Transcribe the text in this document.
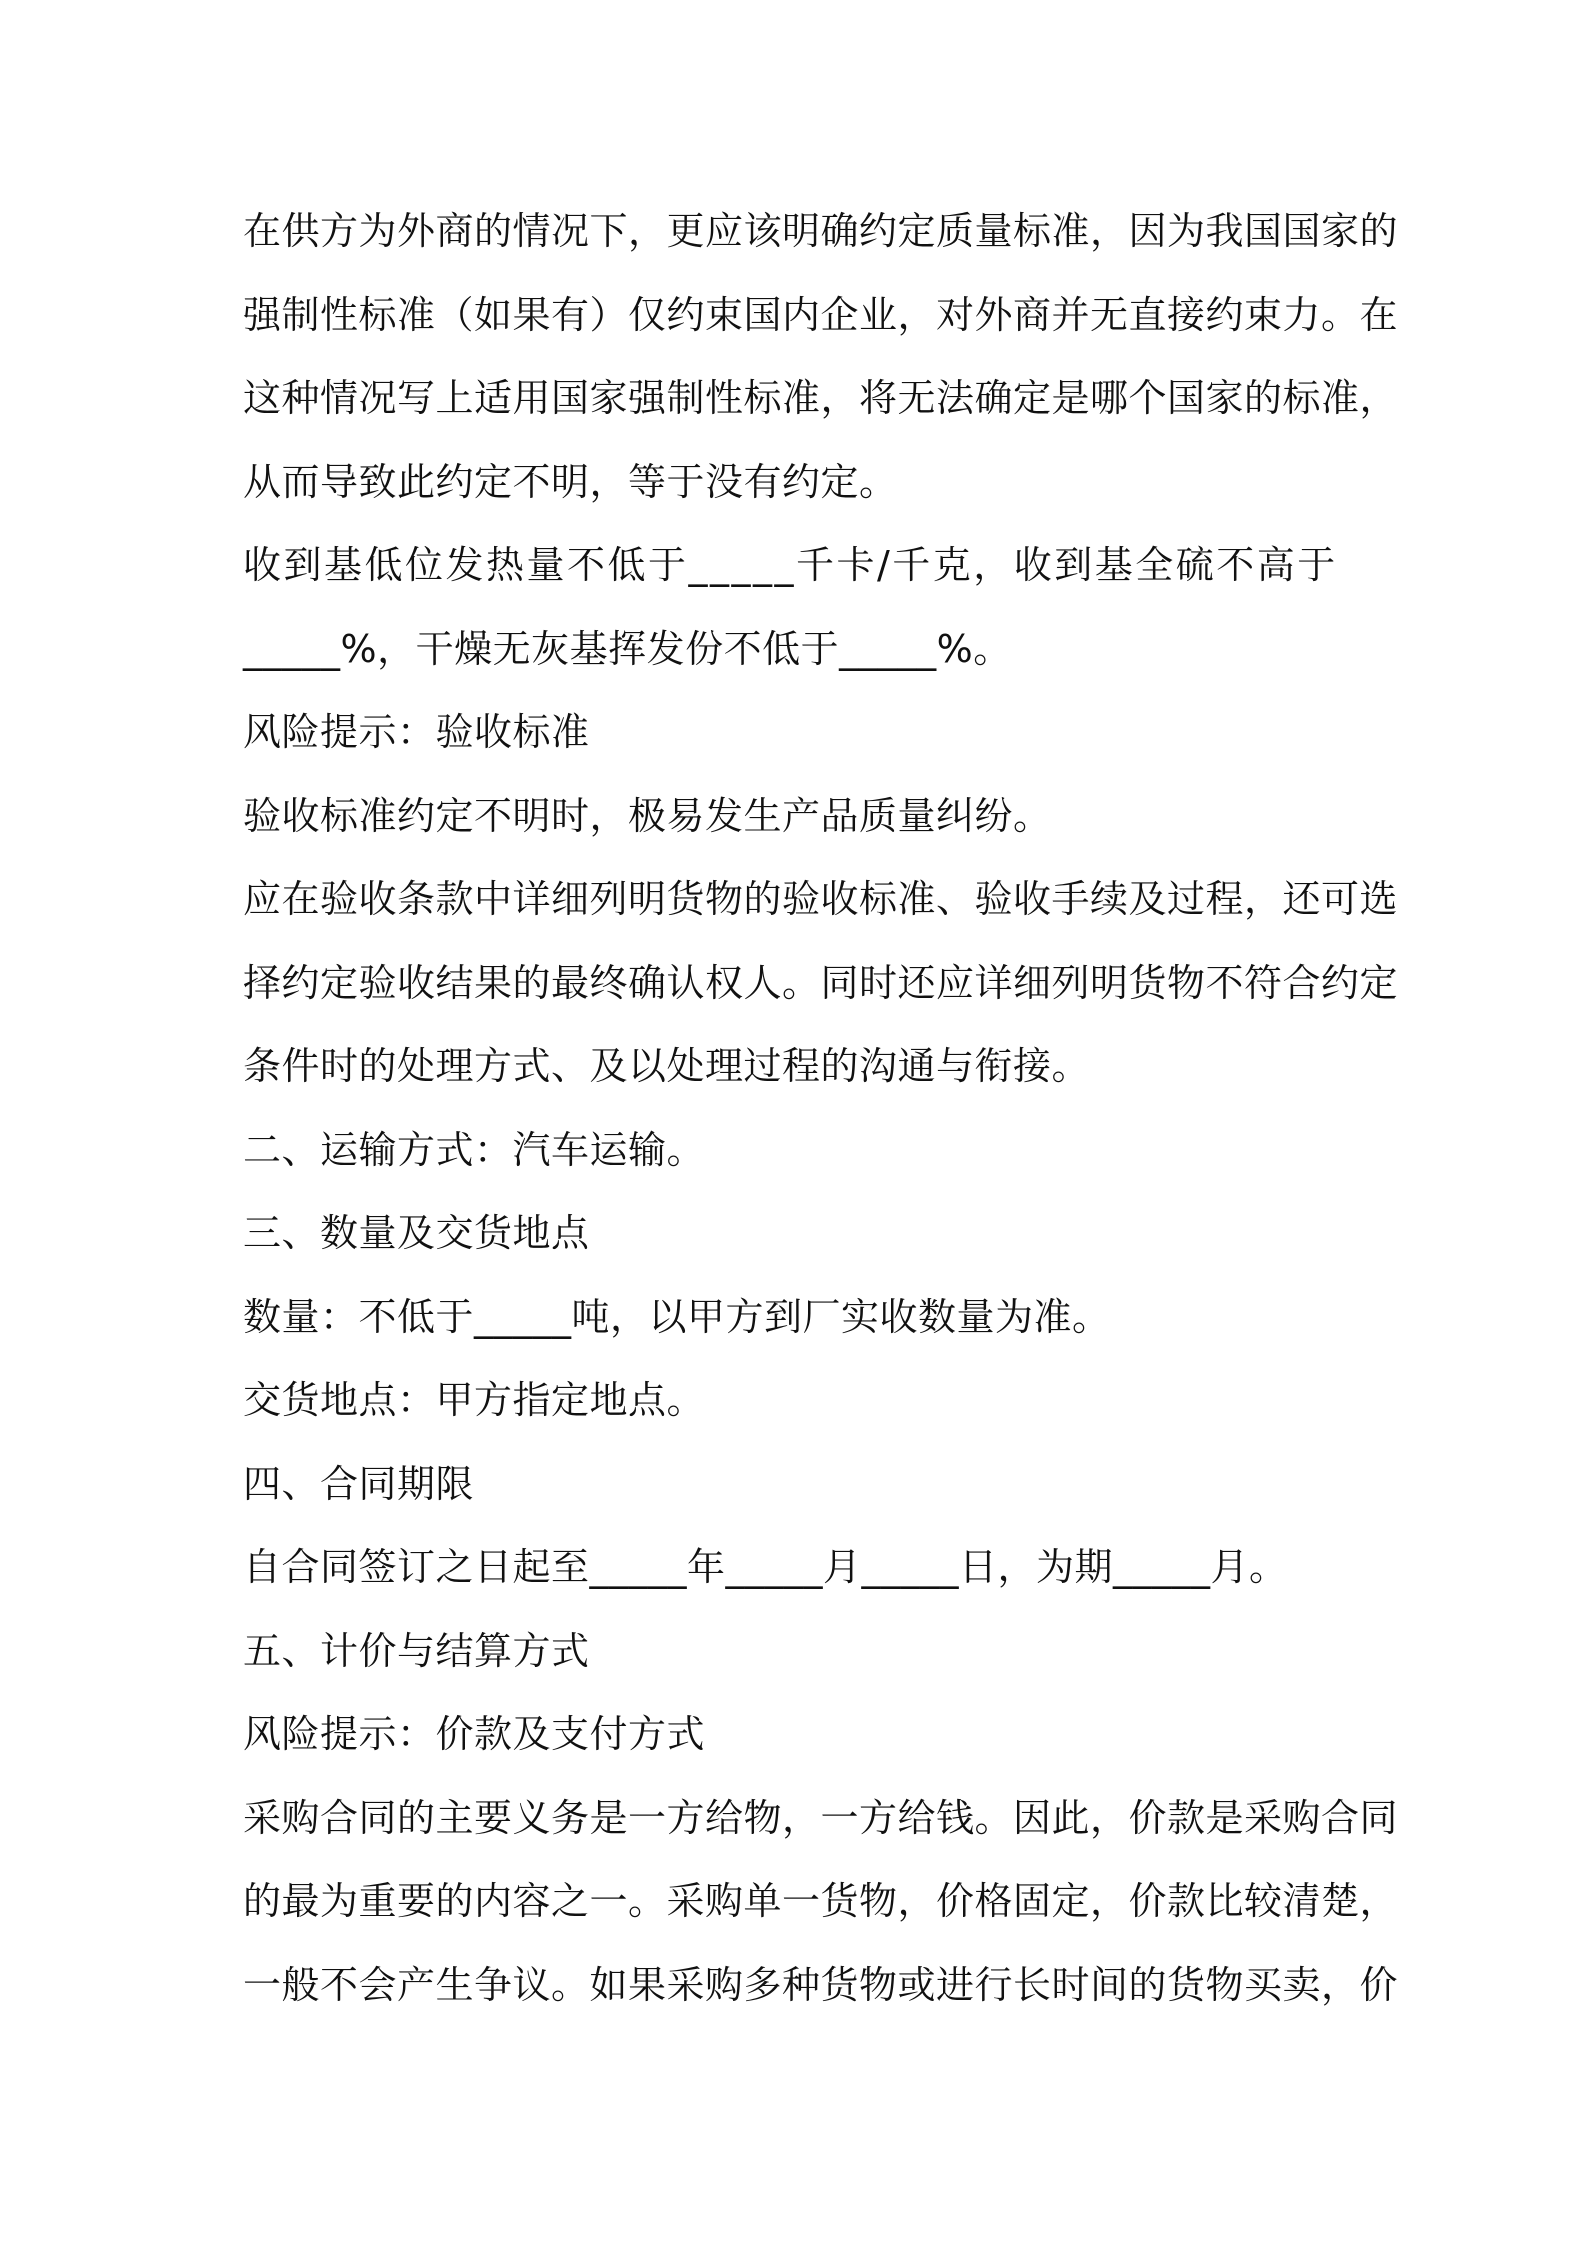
在供方为外商的情况下，更应该明确约定质量标准，因为我国国家的
强制性标准（如果有）仅约束国内企业，对外商并无直接约束力。在
这种情况写上适用国家强制性标准，将无法确定是哪个国家的标准，
从而导致此约定不明，等于没有约定。
收到基低位发热量不低于_____千卡/千克，收到基全硫不高于
_____%，干燥无灰基挥发份不低于_____%。
风险提示：验收标准
验收标准约定不明时，极易发生产品质量纠纷。
应在验收条款中详细列明货物的验收标准、验收手续及过程，还可选
择约定验收结果的最终确认权人。同时还应详细列明货物不符合约定
条件时的处理方式、及以处理过程的沟通与衔接。
二、运输方式：汽车运输。
三、数量及交货地点
数量：不低于_____吨，以甲方到厂实收数量为准。
交货地点：甲方指定地点。
四、合同期限
自合同签订之日起至_____年_____月_____日，为期_____月。
五、计价与结算方式
风险提示：价款及支付方式
采购合同的主要义务是一方给物，一方给钱。因此，价款是采购合同
的最为重要的内容之一。采购单一货物，价格固定，价款比较清楚，
一般不会产生争议。如果采购多种货物或进行长时间的货物买卖，价
